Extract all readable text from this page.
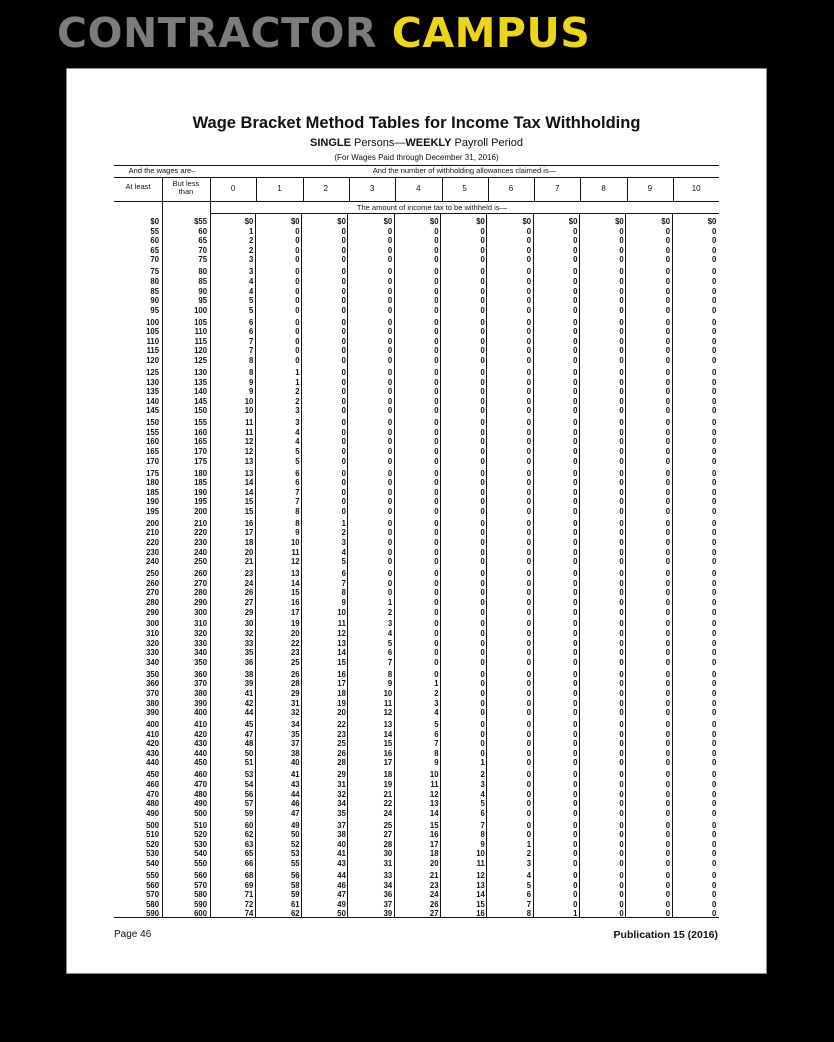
CONTRACTOR CAMPUS
Wage Bracket Method Tables for Income Tax Withholding
SINGLE Persons—WEEKLY Payroll Period
(For Wages Paid through December 31, 2016)
And the wages are–	And the number of withholding allowances claimed is—
At least	But less than
The amount of income tax to be withheld is—
0	1	2	3	4	5	6	7	8	9	10
$0	$55	$0	$0	$0	$0	$0	$0	$0	$0	$0	$0	$0
55	60	1	0	0	0	0	0	0	0	0	0	0
60	65	2	0	0	0	0	0	0	0	0	0	0
65	70	2	0	0	0	0	0	0	0	0	0	0
70	75	3	0	0	0	0	0	0	0	0	0	0
75	80	3	0	0	0	0	0	0	0	0	0	0
80	85	4	0	0	0	0	0	0	0	0	0	0
85	90	4	0	0	0	0	0	0	0	0	0	0
90	95	5	0	0	0	0	0	0	0	0	0	0
95	100	5	0	0	0	0	0	0	0	0	0	0
100	105	6	0	0	0	0	0	0	0	0	0	0
105	110	6	0	0	0	0	0	0	0	0	0	0
110	115	7	0	0	0	0	0	0	0	0	0	0
115	120	7	0	0	0	0	0	0	0	0	0	0
120	125	8	0	0	0	0	0	0	0	0	0	0
125	130	8	1	0	0	0	0	0	0	0	0	0
130	135	9	1	0	0	0	0	0	0	0	0	0
135	140	9	2	0	0	0	0	0	0	0	0	0
140	145	10	2	0	0	0	0	0	0	0	0	0
145	150	10	3	0	0	0	0	0	0	0	0	0
150	155	11	3	0	0	0	0	0	0	0	0	0
155	160	11	4	0	0	0	0	0	0	0	0	0
160	165	12	4	0	0	0	0	0	0	0	0	0
165	170	12	5	0	0	0	0	0	0	0	0	0
170	175	13	5	0	0	0	0	0	0	0	0	0
175	180	13	6	0	0	0	0	0	0	0	0	0
180	185	14	6	0	0	0	0	0	0	0	0	0
185	190	14	7	0	0	0	0	0	0	0	0	0
190	195	15	7	0	0	0	0	0	0	0	0	0
195	200	15	8	0	0	0	0	0	0	0	0	0
200	210	16	8	1	0	0	0	0	0	0	0	0
210	220	17	9	2	0	0	0	0	0	0	0	0
220	230	18	10	3	0	0	0	0	0	0	0	0
230	240	20	11	4	0	0	0	0	0	0	0	0
240	250	21	12	5	0	0	0	0	0	0	0	0
250	260	23	13	6	0	0	0	0	0	0	0	0
260	270	24	14	7	0	0	0	0	0	0	0	0
270	280	26	15	8	0	0	0	0	0	0	0	0
280	290	27	16	9	1	0	0	0	0	0	0	0
290	300	29	17	10	2	0	0	0	0	0	0	0
300	310	30	19	11	3	0	0	0	0	0	0	0
310	320	32	20	12	4	0	0	0	0	0	0	0
320	330	33	22	13	5	0	0	0	0	0	0	0
330	340	35	23	14	6	0	0	0	0	0	0	0
340	350	36	25	15	7	0	0	0	0	0	0	0
350	360	38	26	16	8	0	0	0	0	0	0	0
360	370	39	28	17	9	1	0	0	0	0	0	0
370	380	41	29	18	10	2	0	0	0	0	0	0
380	390	42	31	19	11	3	0	0	0	0	0	0
390	400	44	32	20	12	4	0	0	0	0	0	0
400	410	45	34	22	13	5	0	0	0	0	0	0
410	420	47	35	23	14	6	0	0	0	0	0	0
420	430	48	37	25	15	7	0	0	0	0	0	0
430	440	50	38	26	16	8	0	0	0	0	0	0
440	450	51	40	28	17	9	1	0	0	0	0	0
450	460	53	41	29	18	10	2	0	0	0	0	0
460	470	54	43	31	19	11	3	0	0	0	0	0
470	480	56	44	32	21	12	4	0	0	0	0	0
480	490	57	46	34	22	13	5	0	0	0	0	0
490	500	59	47	35	24	14	6	0	0	0	0	0
500	510	60	49	37	25	15	7	0	0	0	0	0
510	520	62	50	38	27	16	8	0	0	0	0	0
520	530	63	52	40	28	17	9	1	0	0	0	0
530	540	65	53	41	30	18	10	2	0	0	0	0
540	550	66	55	43	31	20	11	3	0	0	0	0
550	560	68	56	44	33	21	12	4	0	0	0	0
560	570	69	58	46	34	23	13	5	0	0	0	0
570	580	71	59	47	36	24	14	6	0	0	0	0
580	590	72	61	49	37	26	15	7	0	0	0	0
590	600	74	62	50	39	27	16	8	1	0	0	0
Page 46	Publication 15 (2016)
